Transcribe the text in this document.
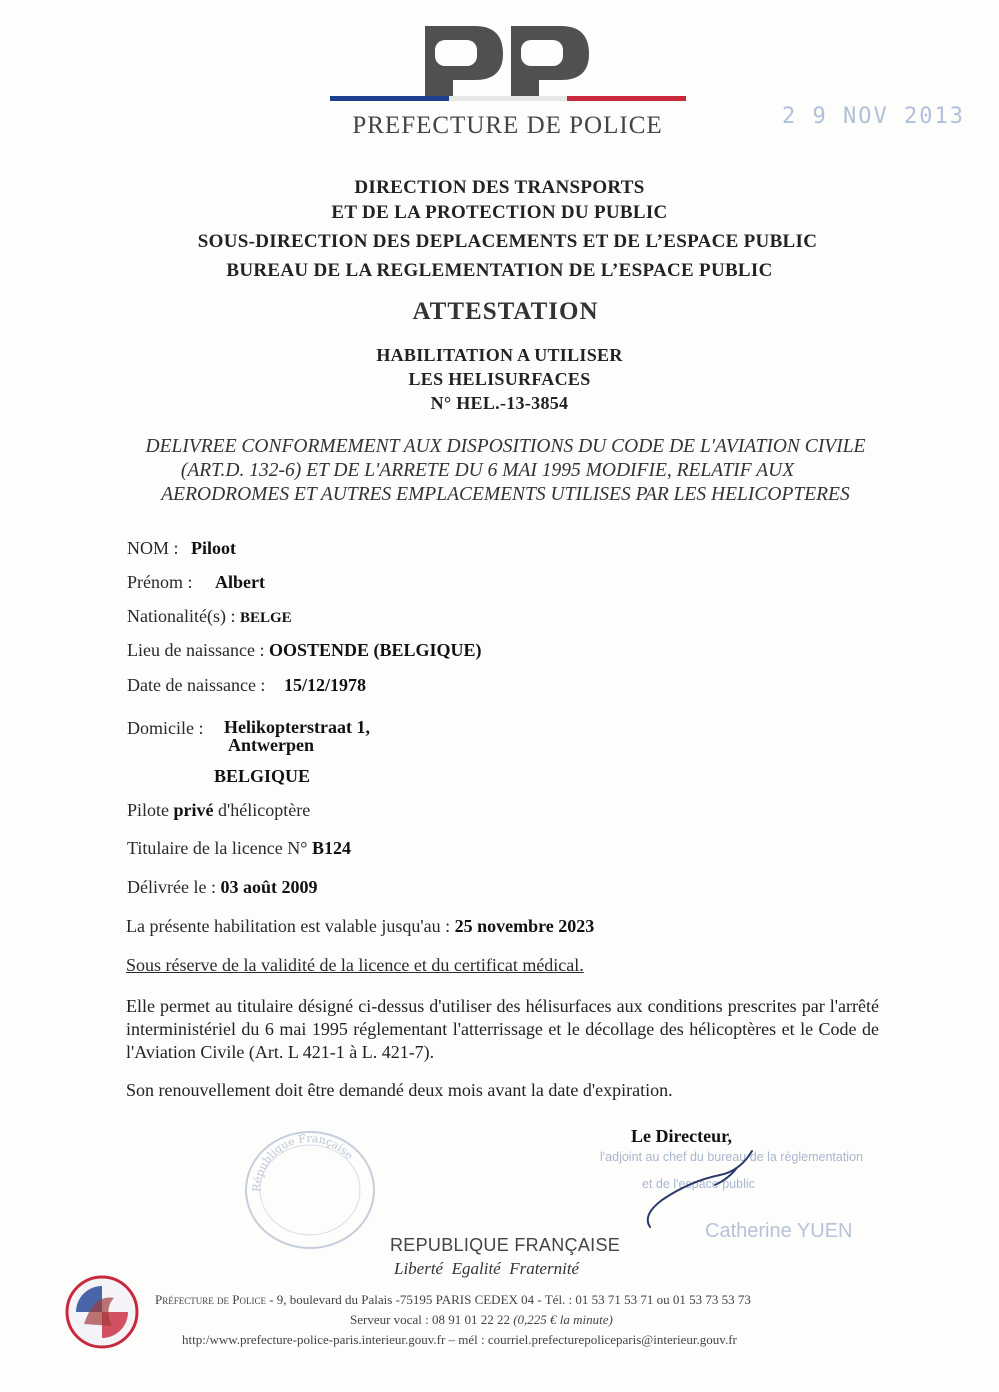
PREFECTURE DE POLICE	2 9 NOV 2013
DIRECTION DES TRANSPORTS
ET DE LA PROTECTION DU PUBLIC
SOUS-DIRECTION DES DEPLACEMENTS ET DE L’ESPACE PUBLIC
BUREAU DE LA REGLEMENTATION DE L’ESPACE PUBLIC
ATTESTATION
HABILITATION A UTILISER
LES HELISURFACES
N° HEL.-13-3854
DELIVREE CONFORMEMENT AUX DISPOSITIONS DU CODE DE L'AVIATION CIVILE
(ART.D. 132-6) ET DE L'ARRETE DU 6 MAI 1995 MODIFIE, RELATIF AUX
AERODROMES ET AUTRES EMPLACEMENTS UTILISES PAR LES HELICOPTERES
NOM : Piloot
Prénom : Albert
Nationalité(s) : BELGE
Lieu de naissance : OOSTENDE (BELGIQUE)
Date de naissance : 15/12/1978
Domicile : Helikopterstraat 1,
Antwerpen
BELGIQUE
Pilote privé d'hélicoptère
Titulaire de la licence N° B124
Délivrée le : 03 août 2009
La présente habilitation est valable jusqu'au : 25 novembre 2023
Sous réserve de la validité de la licence et du certificat médical.
Elle permet au titulaire désigné ci-dessus d'utiliser des hélisurfaces aux conditions prescrites par l'arrêté interministériel du 6 mai 1995 réglementant l'atterrissage et le décollage des hélicoptères et le Code de l'Aviation Civile (Art. L 421-1 à L. 421-7).
Son renouvellement doit être demandé deux mois avant la date d'expiration.
République Française
Le Directeur,
l'adjoint au chef du bureau de la réglementation
et de l'espace public
Catherine YUEN
REPUBLIQUE FRANÇAISE
Liberté  Egalité  Fraternité
Préfecture de Police - 9, boulevard du Palais -75195 PARIS CEDEX 04 - Tél. : 01 53 71 53 71 ou 01 53 73 53 73
Serveur vocal : 08 91 01 22 22 (0,225 € la minute)
http:/www.prefecture-police-paris.interieur.gouv.fr – mél : courriel.prefecturepoliceparis@interieur.gouv.fr
